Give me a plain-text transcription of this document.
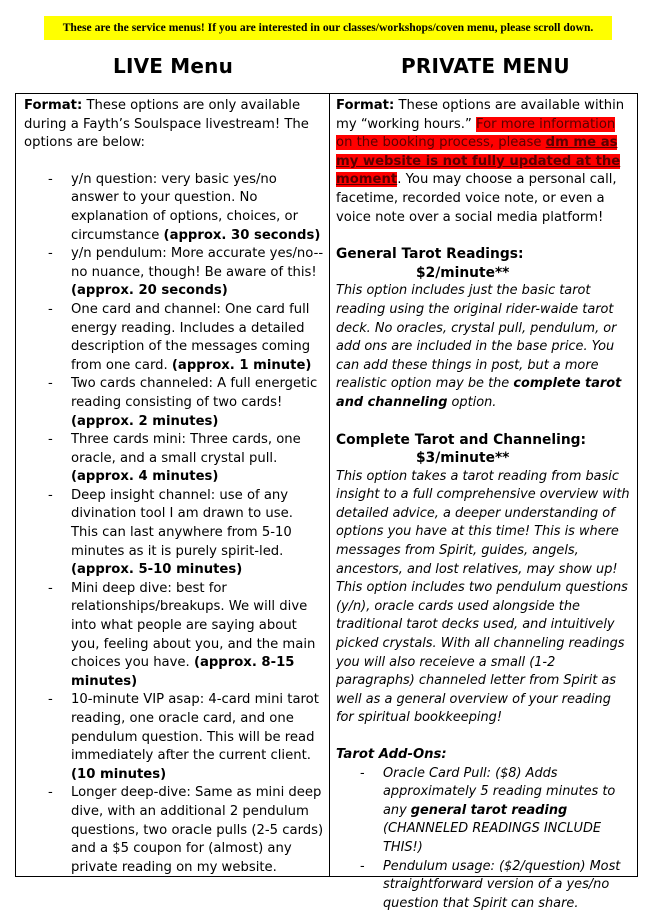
These are the service menus! If you are interested in our classes/workshops/coven menu, please scroll down.
LIVE Menu	PRIVATE MENU
Format: These options are only available during a Fayth’s Soulspace livestream! The options are below:
- y/n question: very basic yes/no answer to your question. No explanation of options, choices, or circumstance (approx. 30 seconds)
- y/n pendulum: More accurate yes/no--no nuance, though! Be aware of this! (approx. 20 seconds)
- One card and channel: One card full energy reading. Includes a detailed description of the messages coming from one card. (approx. 1 minute)
- Two cards channeled: A full energetic reading consisting of two cards! (approx. 2 minutes)
- Three cards mini: Three cards, one oracle, and a small crystal pull. (approx. 4 minutes)
- Deep insight channel: use of any divination tool I am drawn to use. This can last anywhere from 5-10 minutes as it is purely spirit-led. (approx. 5-10 minutes)
- Mini deep dive: best for relationships/breakups. We will dive into what people are saying about you, feeling about you, and the main choices you have. (approx. 8-15 minutes)
- 10-minute VIP asap: 4-card mini tarot reading, one oracle card, and one pendulum question. This will be read immediately after the current client. (10 minutes)
- Longer deep-dive: Same as mini deep dive, with an additional 2 pendulum questions, two oracle pulls (2-5 cards) and a $5 coupon for (almost) any private reading on my website.
Format: These options are available within my “working hours.” For more information on the booking process, please dm me as my website is not fully updated at the moment. You may choose a personal call, facetime, recorded voice note, or even a voice note over a social media platform!
General Tarot Readings:
$2/minute**
This option includes just the basic tarot reading using the original rider-waide tarot deck. No oracles, crystal pull, pendulum, or add ons are included in the base price. You can add these things in post, but a more realistic option may be the complete tarot and channeling option.
Complete Tarot and Channeling:
$3/minute**
This option takes a tarot reading from basic insight to a full comprehensive overview with detailed advice, a deeper understanding of options you have at this time! This is where messages from Spirit, guides, angels, ancestors, and lost relatives, may show up! This option includes two pendulum questions (y/n), oracle cards used alongside the traditional tarot decks used, and intuitively picked crystals. With all channeling readings you will also receieve a small (1-2 paragraphs) channeled letter from Spirit as well as a general overview of your reading for spiritual bookkeeping!
Tarot Add-Ons:
- Oracle Card Pull: ($8) Adds approximately 5 reading minutes to any general tarot reading (CHANNELED READINGS INCLUDE THIS!)
- Pendulum usage: ($2/question) Most straightforward version of a yes/no question that Spirit can share.
